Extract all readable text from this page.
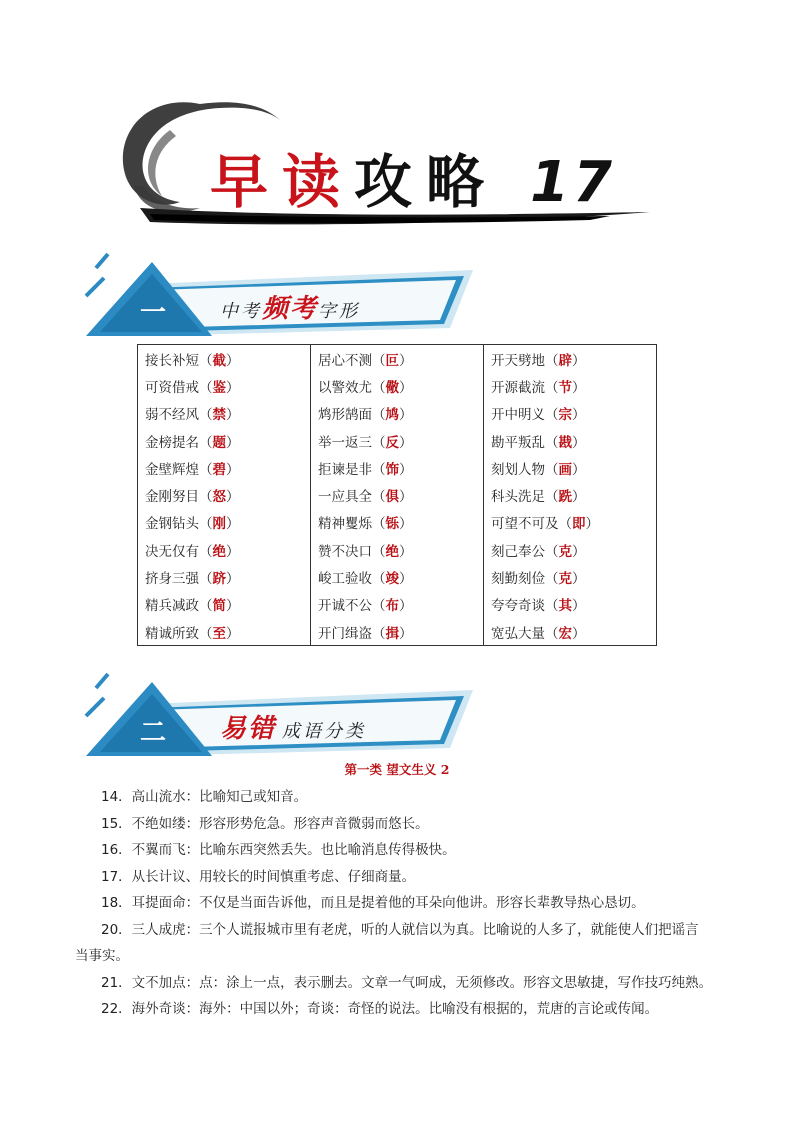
早 读 攻 略 17
一	中考 频 考 字形
接长补短（截）	居心不测（叵）	开天劈地（辟）
可资借戒（鉴）	以警效尤（儆）	开源截流（节）
弱不经风（禁）	鸩形鹄面（鸠）	开中明义（宗）
金榜提名（题）	举一返三（反）	勘平叛乱（戡）
金壁辉煌（碧）	拒谏是非（饰）	刻划人物（画）
金刚努目（怒）	一应具全（俱）	科头洗足（跣）
金钢钻头（刚）	精神矍烁（铄）	可望不可及（即）
决无仅有（绝）	赞不决口（绝）	刻己奉公（克）
挤身三强（跻）	峻工验收（竣）	刻勤刻俭（克）
精兵减政（简）	开诚不公（布）	夸夸奇谈（其）
精诚所致（至）	开门缉盗（揖）	宽弘大量（宏）
二	易 错 成语分类
第一类 望文生义 2

14．高山流水：比喻知己或知音。

15．不绝如缕：形容形势危急。形容声音微弱而悠长。

16．不翼而飞：比喻东西突然丢失。也比喻消息传得极快。

17．从长计议、用较长的时间慎重考虑、仔细商量。

18．耳提面命：不仅是当面告诉他，而且是提着他的耳朵向他讲。形容长辈教导热心恳切。

20．三人成虎：三个人谎报城市里有老虎，听的人就信以为真。比喻说的人多了，就能使人们把谣言

当事实。

21．文不加点：点：涂上一点，表示删去。文章一气呵成，无须修改。形容文思敏捷，写作技巧纯熟。

22．海外奇谈：海外：中国以外；奇谈：奇怪的说法。比喻没有根据的，荒唐的言论或传闻。
